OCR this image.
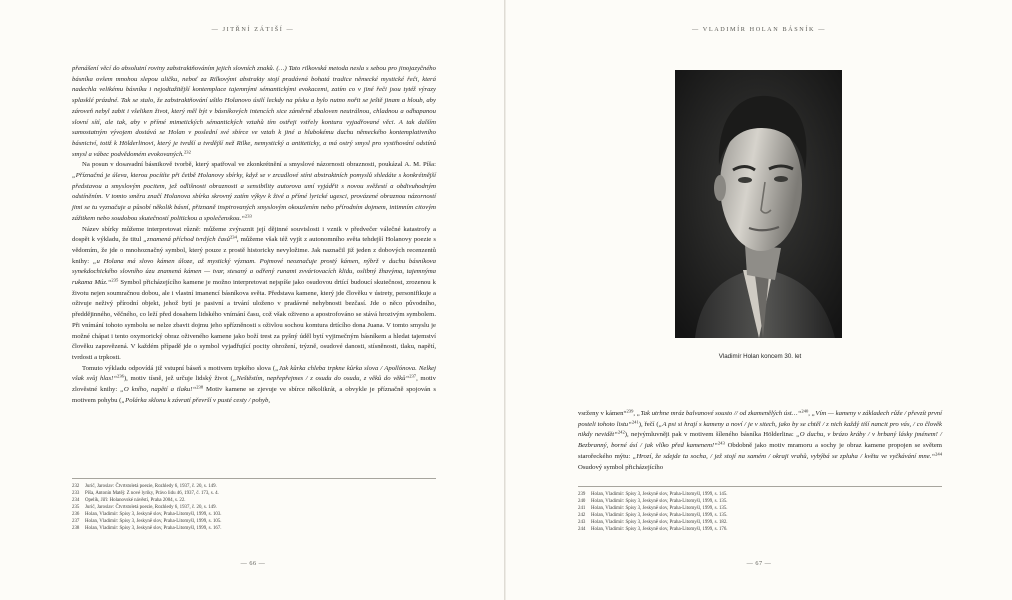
— JITŘNÍ ZÁTIŠÍ —

přenášení věcí do absolutní roviny zabstraktňováním jejich slovních znaků. (…) Tato rilkovská metoda nesla s sebou pro jinojazyčného básníka ovšem mnohou slepou uličku, neboť za Rilkovými abstrakty stojí pradávná bohatá tradice německé mystické řeči, která nadechla velikému básníku i nejodtažitější kontemplace tajemnými sémantickými evokacemi, zatím co v jiné řeči jsou tytéž výrazy splasklé prázdné. Tak se stalo, že zabstraktňování uštlo Holanovo úsilí leckdy na písku a bylo nutno nořit se ještě jinam a hloub, aby zároveň nebyl zabit i všeliken život, který měl být v básníkových intencích sice záměrně zbaloven neutrálnou, chladnou a odhapanou slovní sítí, ale tak, aby v přímé mimetických sémantických vztahů tím ostřeji vstřely konturu vyjadřované věci. A tak dalším samostatným vývojem dostává se Holan v poslední své sbírce ve vztah k jiné a hlubokému duchu německého kontemplativního básnictví, totiž k Hölderlinovi, který je tvrdší a tvrdější než Rilke, nemystický a antiteticky, a má ostrý smysl pro vystihování odstínů smysl a vábec podvědomém evokovaných.$^{232}$

Na posun v dosavadní básnikově tvorbě, který spatřoval ve zkonkrétnění a smyslové názornosti obraznosti, poukázal A. M. Píša: „Příznačná je úleva, kterou pocítíte při četbě Holanovy sbírky, když se v zrcadlové stíni abstraktních pomyslů shledáte s konkrétnější představou a smyslovým pocitem, jež odlišnosti obraznosti a sensibility autorova umí vyjádřit s novou svěžestí a obdivuhodným odstíněním. V tomto směru značí Holanova sbírka skrovný zatím výkyv k živé a přímé lyrické ugesci, provázené obraznou názorností jimi se tu vyznačuje a působí několik básní, přiznaně inspirovaných smyslovým okouzlením nebo přírodním dojmem, intimním citovým zážitkem nebo soudobou skutečností politickou a společenskou.“$^{233}$

Název sbírky můžeme interpretovat různě: můžeme zvýraznit její dějinné souvislosti i vznik v předvečer válečné katastrofy a dospět k výkladu, že titul „znamená příchod tvrdých časů$^{234}$, můžeme však též vyjít z autonomního světa tehdejší Holanovy poezie s vědomím, že jde o mnohoznačný symbol, který pouze z prostě historicky nevyložime. Jak naznačil již jeden z dobových recenzentů knihy: „u Holana má slovo kámen úloze, až mystický význam. Pojmové neoznačuje prostý kámen, nýbrž v duchu básníkova synekdochického slovního úzu znamená kámen — tvar, stesaný a odřený runami zvváriovacích klidu, oslibný žhavýma, tajemnýma rukama Múz.“$^{235}$ Symbol přicházejícího kamene je možno interpretovat nejspíše jako osudovou drtící budoucí skutečnost, zrozenou k životu nejen soumračnou dobou, ale i vlastní imanencí básníkova světa. Představa kamene, který jde člověku v ústrety, personifikuje a oživuje neživý přírodní objekt, jehož bytí je pasivní a trvání uloženo v pradávné nehybnosti bezčasí. Jde o něco původního, předdějinného, věčného, co leží před dosahem lidského vnímání času, což však oživeno a apostrofováno se stává hrozivým symbolem. Při vnímání tohoto symbolu se nelze zbavit dojmu jeho spřízněnosti s oživlou sochou komtura drtícího dona Juana. V tomto smyslu je možné chápat i tento oxymorický obraz oživeného kamene jako boží trest za pyšný úděl bytí vyjimečným básníkem a hledat tajemství člověku zapovězená. V každém případě jde o symbol vyjadřující pocity ohrožení, trýzně, osudové danosti, stísněnosti, tlaku, napětí, tvrdosti a trpkosti.

Tomuto výkladu odpovídá již vstupní báseň s motivem trpkého slova („Jak kůrka chleba trpkne kůrka slova / Apollónova. Nelkej však svůj hlas!“$^{236}$), motiv tísně, jež určuje lidský život („Neštěstím, nepřepřejmes / z osudu do osudu, z věků do věků“$^{237}$, motiv zlověstné knihy: „O kního, napětí a tlaku!“$^{238}$ Motiv kamene se zjevuje ve sbírce několikrát, a obvykle je příznačně spojován s motivem pohybu („Polárka sklonu k závratí převrší v pusté cesty / pohyb,

232	Jurič, Jaroslav: Čtvrtstoletá poezie, Rozhledy 6, 1937, č. 20, s. 149.
233	Píša, Antonín Matěj: Z nové lyriky, Právo lidu 46, 1937, č. 173, s. 4.
234	Opelík, Jiří: Holanovské návěstí, Praha 2004, s. 22.
235	Jurič, Jaroslav: Čtvrtstoletá poezie, Rozhledy 6, 1937, č. 20, s. 149.
236	Holan, Vladimír: Spisy 3, Jeskyně slov, Praha-Litomyšl, 1999, s. 103.
237	Holan, Vladimír: Spisy 3, Jeskyně slov, Praha-Litomyšl, 1999, s. 105.
238	Holan, Vladimír: Spisy 3, Jeskyně slov, Praha-Litomyšl, 1999, s. 167.
— 66 —
— VLADIMÍR HOLAN BÁSNÍK —
Vladimír Holan koncem 30. let

vsrženy v kámen“$^{239}$, „Tak utrhne mráz balvanové sousto // od zkamenělých úst…“$^{240}$, „Vím — kameny v základech růže / převzít první posteli tohoto listu“$^{241}$), řečí („A psi si hrají s kameny a noví / je v sitech, jako by se chtěl / z nich každý tiší nancit pro vás, / co člověk nikdy nevidět“$^{242}$), nejvýmluvněji pak v motivem šíleného básníka Hölderlina: „O duchu, v brázo kráby / v hrbaný lásky jménem! / Bezbranný, borné ásí / jak vlíko před kamenem!“$^{243}$ Obdobně jako motiv mramoru a sochy je obraz kamene propojen se světem starořeckého mýtu: „Hrozí, že sdejde ta socha, / jež stojí na samém / okraji vrahů, vybýbá se zpluha / květu ve vyčkávání mne.“$^{244}$ Osudový symbol přicházejícího

239	Holan, Vladimír: Spisy 3, Jeskyně slov, Praha-Litomyšl, 1999, s. 145.
240	Holan, Vladimír: Spisy 3, Jeskyně slov, Praha-Litomyšl, 1999, s. 135.
241	Holan, Vladimír: Spisy 3, Jeskyně slov, Praha-Litomyšl, 1999, s. 135.
242	Holan, Vladimír: Spisy 3, Jeskyně slov, Praha-Litomyšl, 1999, s. 135.
243	Holan, Vladimír: Spisy 3, Jeskyně slov, Praha-Litomyšl, 1999, s. 182.
244	Holan, Vladimír: Spisy 3, Jeskyně slov, Praha-Litomyšl, 1999, s. 176.
— 67 —
